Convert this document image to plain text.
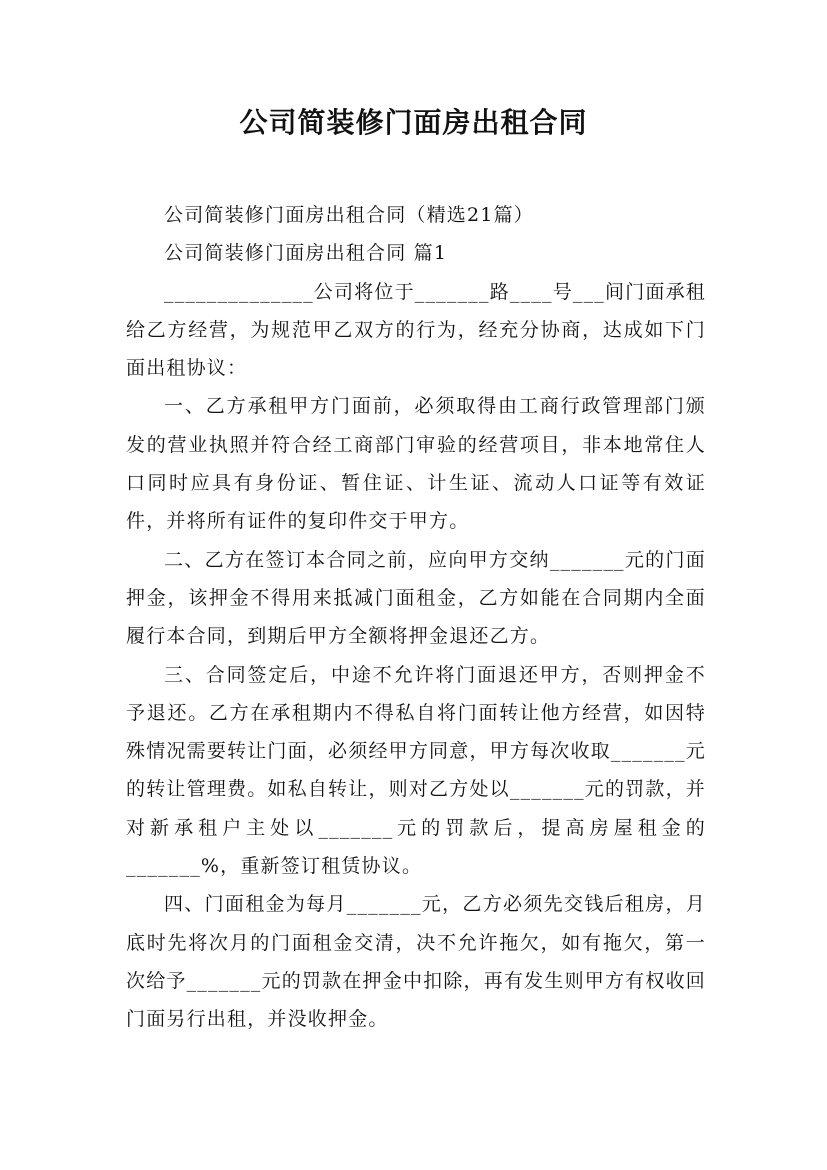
公司简装修门面房出租合同

公司简装修门面房出租合同（精选21篇）

公司简装修门面房出租合同 篇1

______________公司将位于_______路____号___间门面承租给乙方经营，为规范甲乙双方的行为，经充分协商，达成如下门面出租协议：

一、乙方承租甲方门面前，必须取得由工商行政管理部门颁发的营业执照并符合经工商部门审验的经营项目，非本地常住人口同时应具有身份证、暂住证、计生证、流动人口证等有效证件，并将所有证件的复印件交于甲方。

二、乙方在签订本合同之前，应向甲方交纳_______元的门面押金，该押金不得用来抵减门面租金，乙方如能在合同期内全面履行本合同，到期后甲方全额将押金退还乙方。

三、合同签定后，中途不允许将门面退还甲方，否则押金不予退还。乙方在承租期内不得私自将门面转让他方经营，如因特殊情况需要转让门面，必须经甲方同意，甲方每次收取_______元的转让管理费。如私自转让，则对乙方处以_______元的罚款，并对新承租户主处以_______元的罚款后，提高房屋租金的_______%，重新签订租赁协议。

四、门面租金为每月_______元，乙方必须先交钱后租房，月底时先将次月的门面租金交清，决不允许拖欠，如有拖欠，第一次给予_______元的罚款在押金中扣除，再有发生则甲方有权收回门面另行出租，并没收押金。
